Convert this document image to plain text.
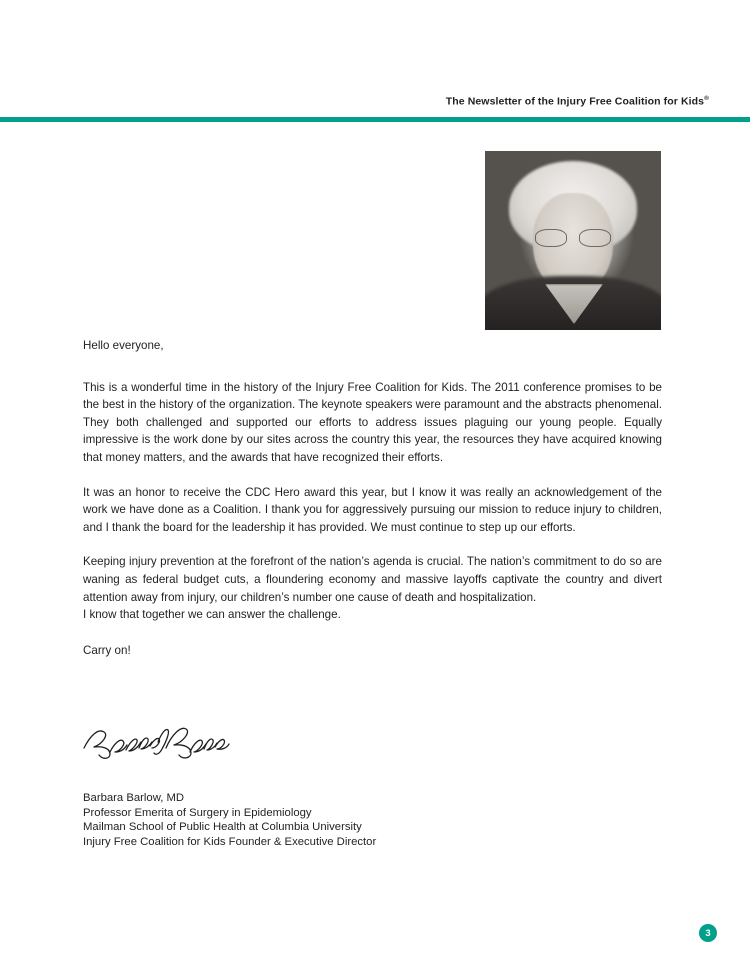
The Newsletter of the Injury Free Coalition for Kids®

Hello everyone,

This is a wonderful time in the history of the Injury Free Coalition for Kids. The 2011 conference promises to be the best in the history of the organization. The keynote speakers were paramount and the abstracts phenomenal. They both challenged and supported our efforts to address issues plaguing our young people. Equally impressive is the work done by our sites across the country this year, the resources they have acquired knowing that money matters, and the awards that have recognized their efforts.

It was an honor to receive the CDC Hero award this year, but I know it was really an acknowledgement of the work we have done as a Coalition. I thank you for aggressively pursuing our mission to reduce injury to children, and I thank the board for the leadership it has provided. We must continue to step up our efforts.

Keeping injury prevention at the forefront of the nation’s agenda is crucial. The nation’s commitment to do so are waning as federal budget cuts, a floundering economy and massive layoffs captivate the country and divert attention away from injury, our children’s number one cause of death and hospitalization.

I know that together we can answer the challenge.

Carry on!

Barbara Barlow, MD
Professor Emerita of Surgery in Epidemiology
Mailman School of Public Health at Columbia University
Injury Free Coalition for Kids Founder & Executive Director
3
